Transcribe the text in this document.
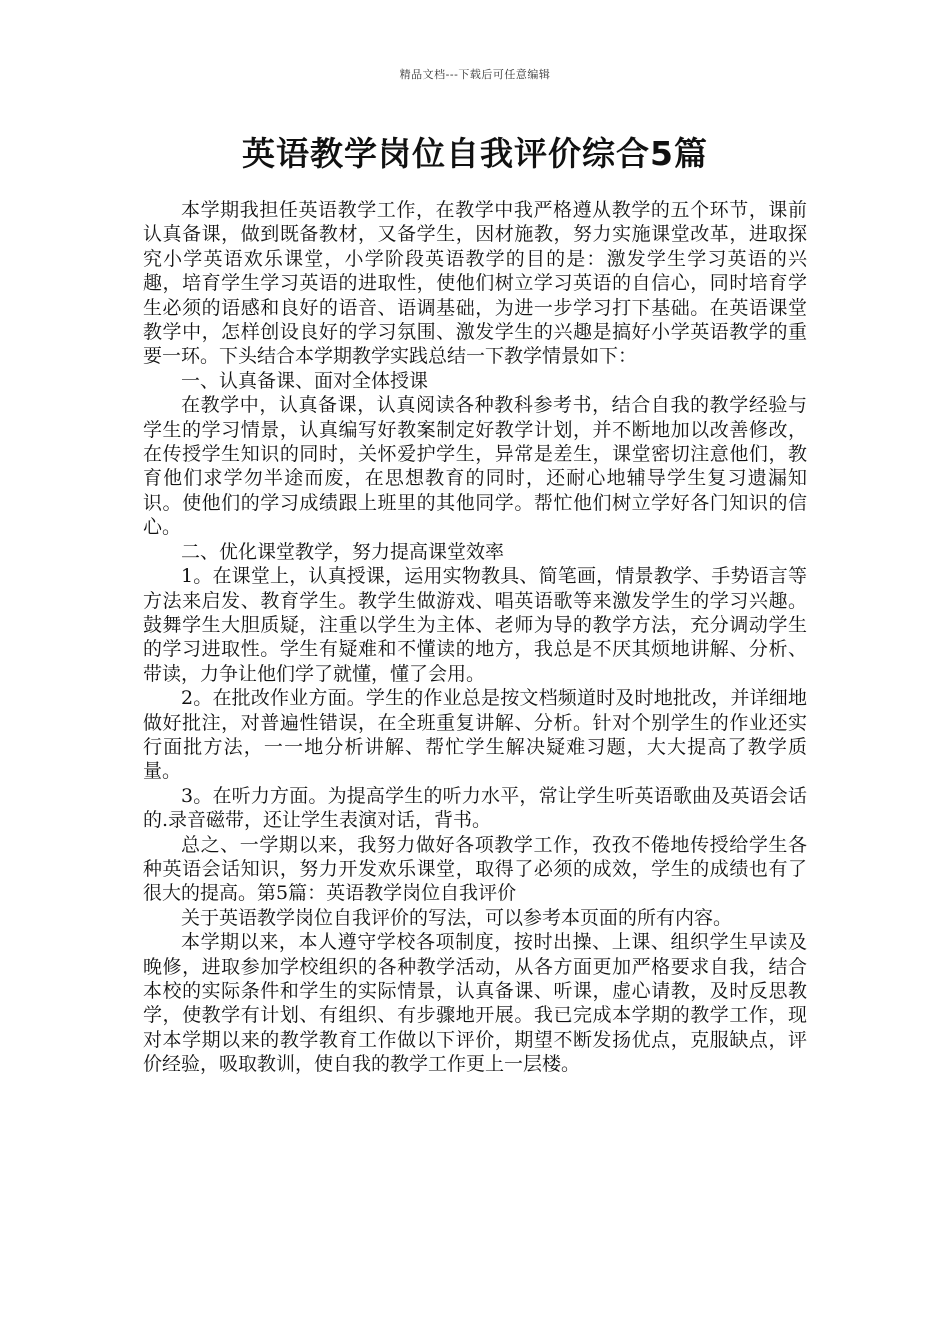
精品文档---下载后可任意编辑
英语教学岗位自我评价综合5篇

本学期我担任英语教学工作，在教学中我严格遵从教学的五个环节，课前认真备课，做到既备教材，又备学生，因材施教，努力实施课堂改革，进取探究小学英语欢乐课堂，小学阶段英语教学的目的是：激发学生学习英语的兴趣，培育学生学习英语的进取性，使他们树立学习英语的自信心，同时培育学生必须的语感和良好的语音、语调基础，为进一步学习打下基础。在英语课堂教学中，怎样创设良好的学习氛围、激发学生的兴趣是搞好小学英语教学的重要一环。下头结合本学期教学实践总结一下教学情景如下：

一、认真备课、面对全体授课

在教学中，认真备课，认真阅读各种教科参考书，结合自我的教学经验与学生的学习情景，认真编写好教案制定好教学计划，并不断地加以改善修改，在传授学生知识的同时，关怀爱护学生，异常是差生，课堂密切注意他们，教育他们求学勿半途而废，在思想教育的同时，还耐心地辅导学生复习遗漏知识。使他们的学习成绩跟上班里的其他同学。帮忙他们树立学好各门知识的信心。

二、优化课堂教学，努力提高课堂效率

1。在课堂上，认真授课，运用实物教具、简笔画，情景教学、手势语言等方法来启发、教育学生。教学生做游戏、唱英语歌等来激发学生的学习兴趣。鼓舞学生大胆质疑，注重以学生为主体、老师为导的教学方法，充分调动学生的学习进取性。学生有疑难和不懂读的地方，我总是不厌其烦地讲解、分析、带读，力争让他们学了就懂，懂了会用。

2。在批改作业方面。学生的作业总是按文档频道时及时地批改，并详细地做好批注，对普遍性错误，在全班重复讲解、分析。针对个别学生的作业还实行面批方法，一一地分析讲解、帮忙学生解决疑难习题，大大提高了教学质量。

3。在听力方面。为提高学生的听力水平，常让学生听英语歌曲及英语会话的.录音磁带，还让学生表演对话，背书。

总之、一学期以来，我努力做好各项教学工作，孜孜不倦地传授给学生各种英语会话知识，努力开发欢乐课堂，取得了必须的成效，学生的成绩也有了很大的提高。第5篇：英语教学岗位自我评价

关于英语教学岗位自我评价的写法，可以参考本页面的所有内容。

本学期以来，本人遵守学校各项制度，按时出操、上课、组织学生早读及晚修，进取参加学校组织的各种教学活动，从各方面更加严格要求自我，结合本校的实际条件和学生的实际情景，认真备课、听课，虚心请教，及时反思教学，使教学有计划、有组织、有步骤地开展。我已完成本学期的教学工作，现对本学期以来的教学教育工作做以下评价，期望不断发扬优点，克服缺点，评价经验，吸取教训，使自我的教学工作更上一层楼。
